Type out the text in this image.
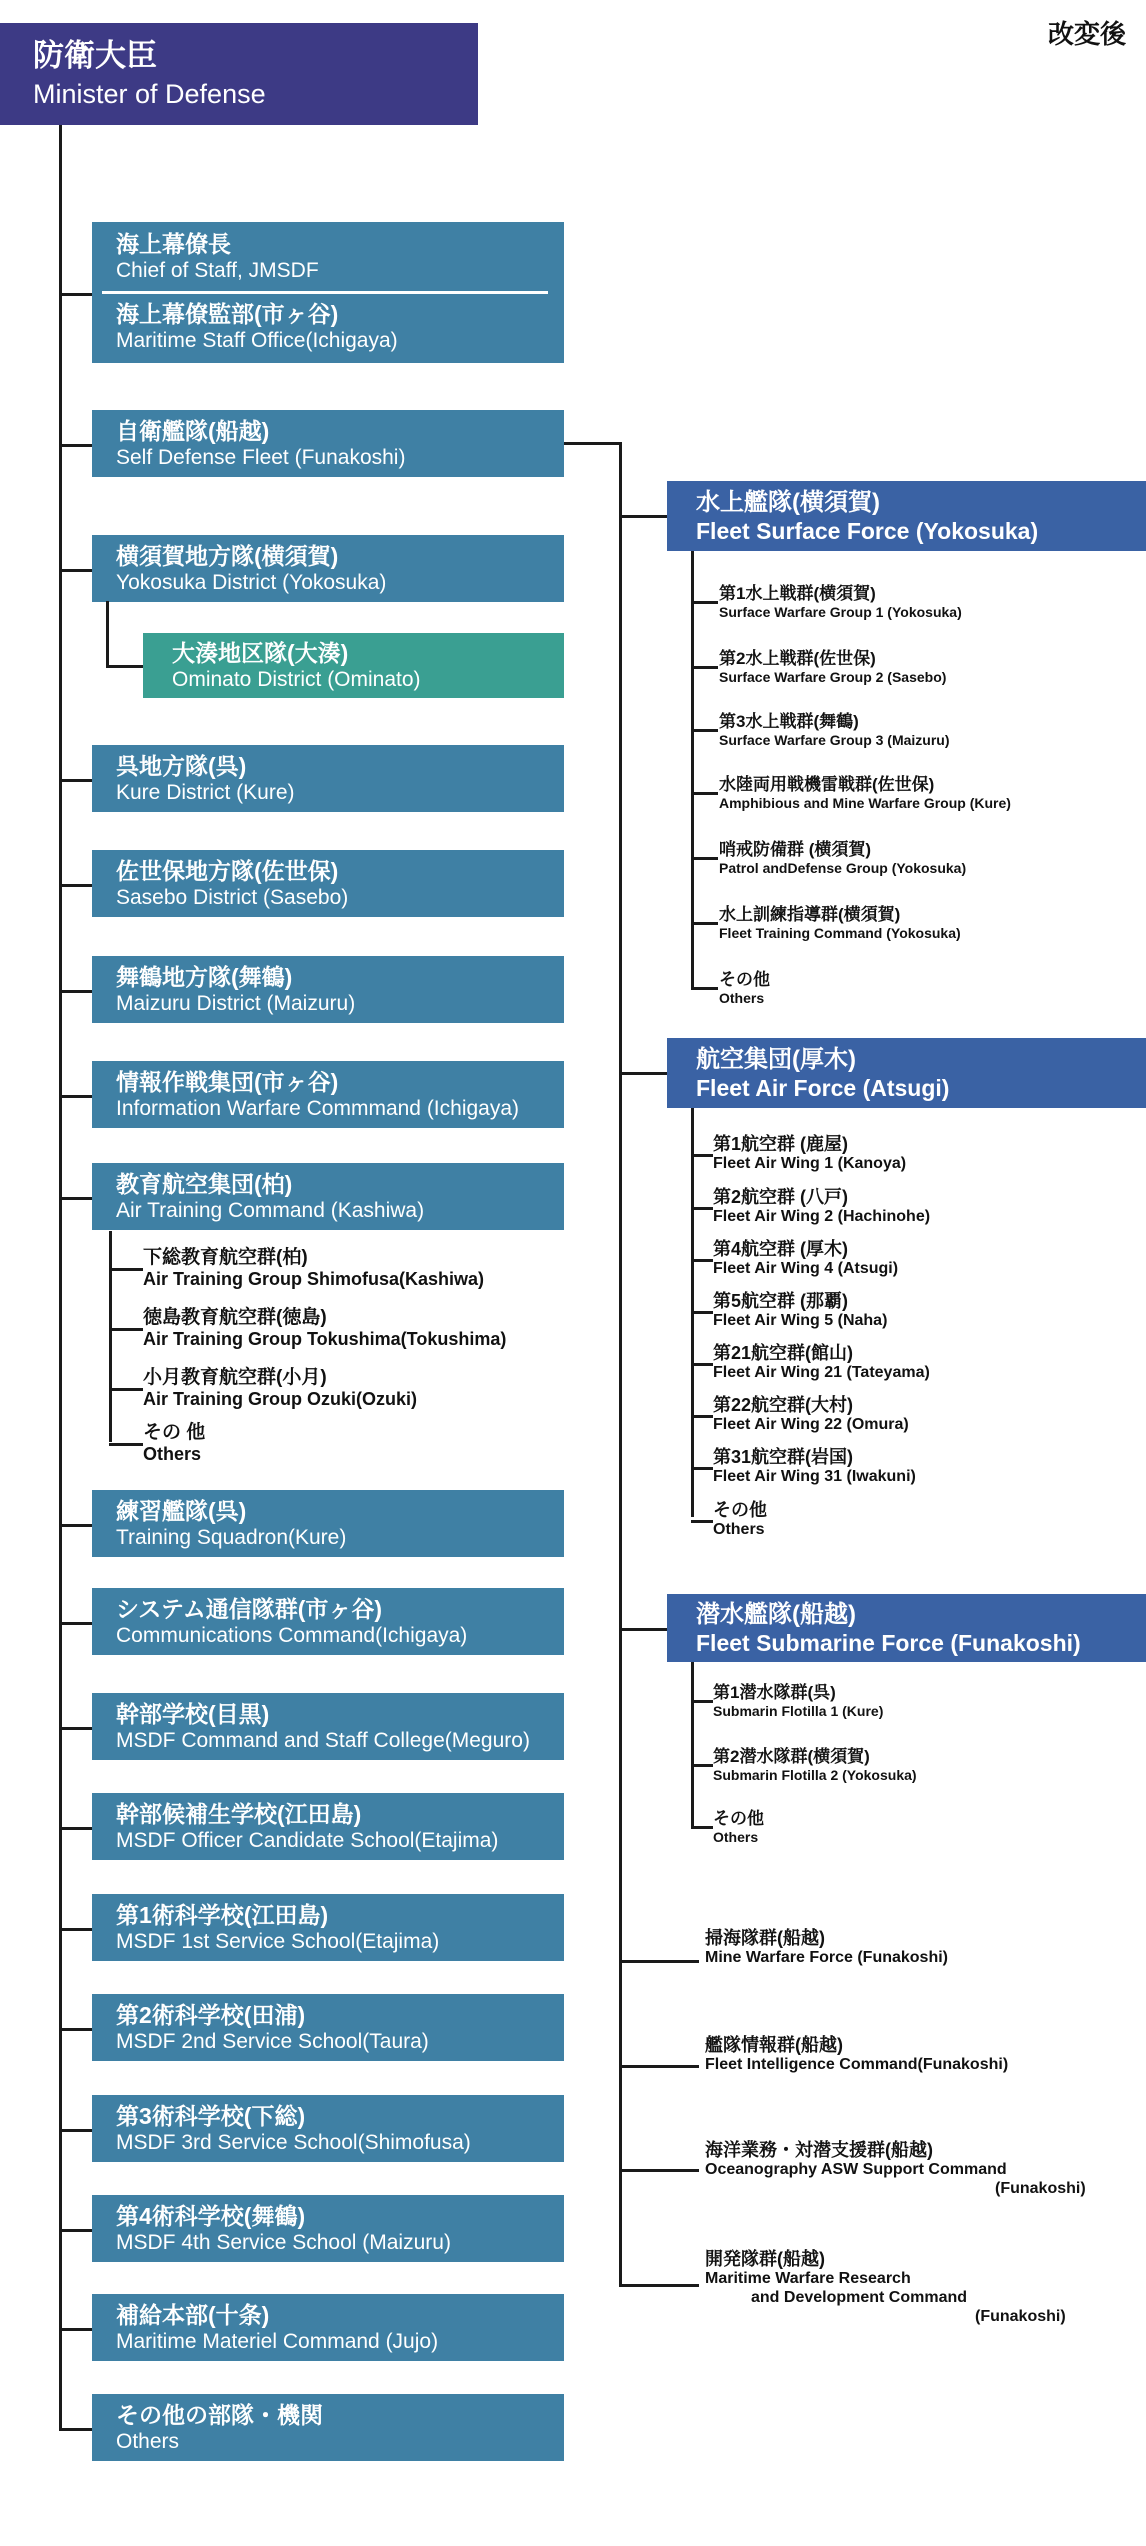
改変後
防衛大臣
Minister of Defense
海上幕僚長
Chief of Staff, JMSDF
海上幕僚監部(市ヶ谷)
Maritime Staff Office(Ichigaya)
自衛艦隊(船越)
Self Defense Fleet (Funakoshi)
横須賀地方隊(横須賀)
Yokosuka District (Yokosuka)
呉地方隊(呉)
Kure District (Kure)
佐世保地方隊(佐世保)
Sasebo District (Sasebo)
舞鶴地方隊(舞鶴)
Maizuru District (Maizuru)
情報作戦集団(市ヶ谷)
Information Warfare Commmand (Ichigaya)
教育航空集団(柏)
Air Training Command (Kashiwa)
練習艦隊(呉)
Training Squadron(Kure)
システム通信隊群(市ヶ谷)
Communications Command(Ichigaya)
幹部学校(目黒)
MSDF Command and Staff College(Meguro)
幹部候補生学校(江田島)
MSDF Officer Candidate School(Etajima)
第1術科学校(江田島)
MSDF 1st Service School(Etajima)
第2術科学校(田浦)
MSDF 2nd Service School(Taura)
第3術科学校(下総)
MSDF 3rd Service School(Shimofusa)
第4術科学校(舞鶴)
MSDF 4th Service School (Maizuru)
補給本部(十条)
Maritime Materiel Command (Jujo)
その他の部隊・機関
Others
大湊地区隊(大湊)
Ominato District (Ominato)
下総教育航空群(柏)
Air Training Group Shimofusa(Kashiwa)
徳島教育航空群(徳島)
Air Training Group Tokushima(Tokushima)
小月教育航空群(小月)
Air Training Group Ozuki(Ozuki)
その 他
Others
水上艦隊(横須賀)
Fleet Surface Force (Yokosuka)
第1水上戦群(横須賀)
Surface Warfare Group 1 (Yokosuka)
第2水上戦群(佐世保)
Surface Warfare Group 2 (Sasebo)
第3水上戦群(舞鶴)
Surface Warfare Group 3 (Maizuru)
水陸両用戦機雷戦群(佐世保)
Amphibious and Mine Warfare Group (Kure)
哨戒防備群 (横須賀)
Patrol andDefense Group (Yokosuka)
水上訓練指導群(横須賀)
Fleet Training Command (Yokosuka)
その他
Others
航空集団(厚木)
Fleet Air Force (Atsugi)
第1航空群 (鹿屋)
Fleet Air Wing 1 (Kanoya)
第2航空群 (八戸)
Fleet Air Wing 2 (Hachinohe)
第4航空群 (厚木)
Fleet Air Wing 4 (Atsugi)
第5航空群 (那覇)
Fleet Air Wing 5 (Naha)
第21航空群(館山)
Fleet Air Wing 21 (Tateyama)
第22航空群(大村)
Fleet Air Wing 22 (Omura)
第31航空群(岩国)
Fleet Air Wing 31 (Iwakuni)
その他
Others
潜水艦隊(船越)
Fleet Submarine Force (Funakoshi)
第1潜水隊群(呉)
Submarin Flotilla 1 (Kure)
第2潜水隊群(横須賀)
Submarin Flotilla 2 (Yokosuka)
その他
Others
掃海隊群(船越)
Mine Warfare Force (Funakoshi)
艦隊情報群(船越)
Fleet Intelligence Command(Funakoshi)
海洋業務・対潜支援群(船越)
Oceanography ASW Support Command
(Funakoshi)
開発隊群(船越)
Maritime Warfare Research
and Development Command
(Funakoshi)
